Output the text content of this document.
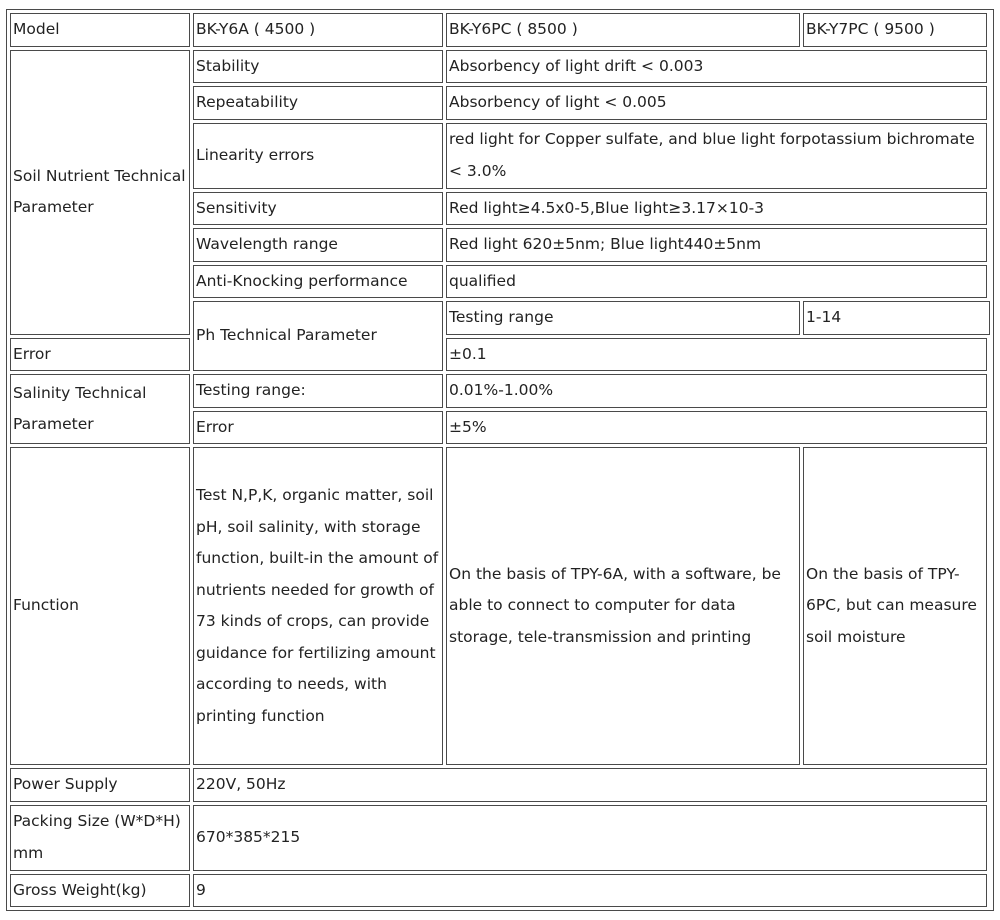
Model	BK-Y6A ( 4500 )	BK-Y6PC ( 8500 )	BK-Y7PC ( 9500 )
Soil Nutrient Technical Parameter	Stability	Absorbency of light drift < 0.003	
	Repeatability	Absorbency of light < 0.005	
	Linearity errors	red light for Copper sulfate, and blue light forpotassium bichromate < 3.0%	
	Sensitivity	Red light≥4.5x0-5,Blue light≥3.17×10-3	
	Wavelength range	Red light 620±5nm; Blue light440±5nm	
	Anti-Knocking performance	qualified	
	Ph Technical Parameter	Testing range	1-14
Error		±0.1	
Salinity Technical Parameter	Testing range:	0.01%-1.00%	
	Error	±5%	
Function	Test N,P,K, organic matter, soil pH, soil salinity, with storage function, built-in the amount of nutrients needed for growth of 73 kinds of crops, can provide guidance for fertilizing amount according to needs, with printing function	On the basis of TPY-6A, with a software, be able to connect to computer for data storage, tele-transmission and printing	On the basis of TPY-6PC, but can measure soil moisture
Power Supply	220V, 50Hz		
Packing Size (W*D*H) mm	670*385*215		
Gross Weight(kg)	9		
